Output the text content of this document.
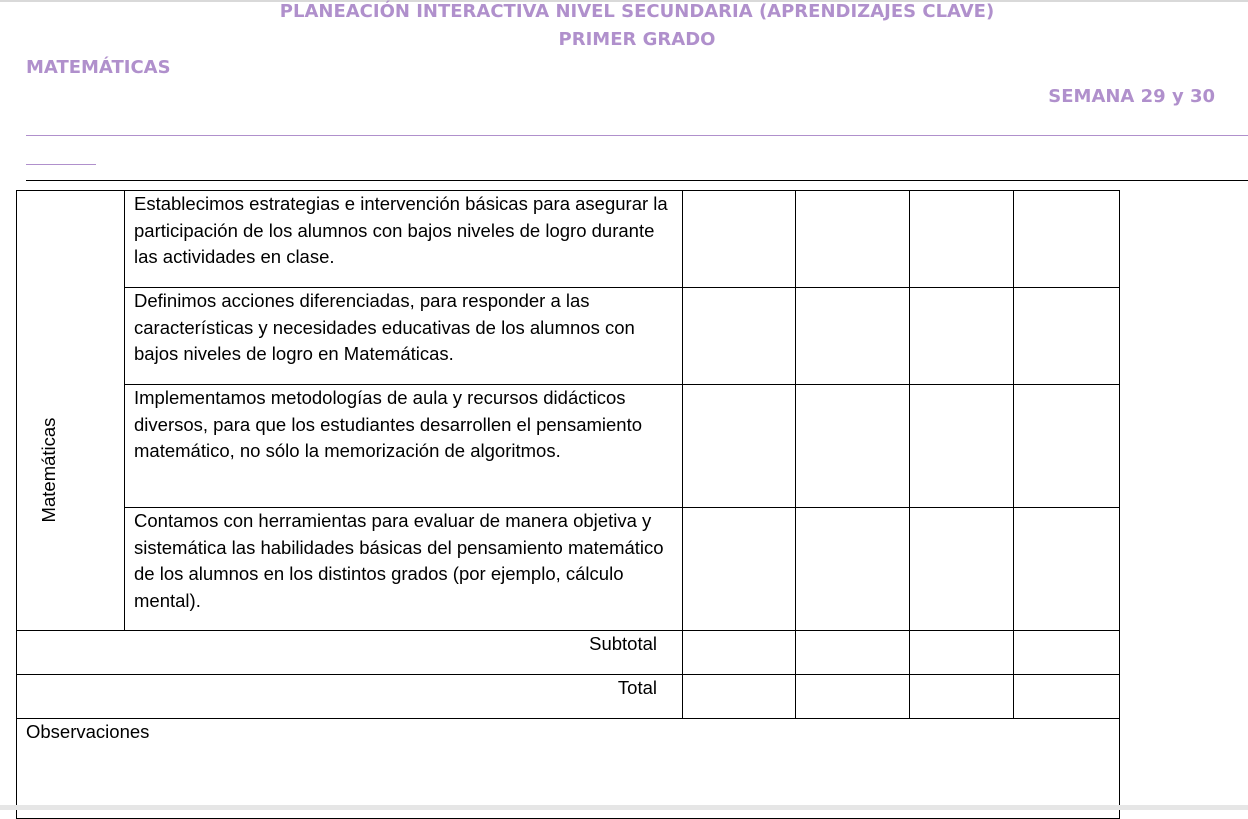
PLANEACIÓN INTERACTIVA NIVEL SECUNDARIA (APRENDIZAJES CLAVE)
PRIMER GRADO
MATEMÁTICAS
SEMANA 29 y 30
Matemáticas	Establecimos estrategias e intervención básicas para asegurar la participación de los alumnos con bajos niveles de logro durante las actividades en clase.				
	Definimos acciones diferenciadas, para responder a las características y necesidades educativas de los alumnos con bajos niveles de logro en Matemáticas.				
	Implementamos metodologías de aula y recursos didácticos diversos, para que los estudiantes desarrollen el pensamiento matemático, no sólo la memorización de algoritmos.				
	Contamos con herramientas para evaluar de manera objetiva y sistemática las habilidades básicas del pensamiento matemático de los alumnos en los distintos grados (por ejemplo, cálculo mental).				
Subtotal					
Total					
Observaciones					
